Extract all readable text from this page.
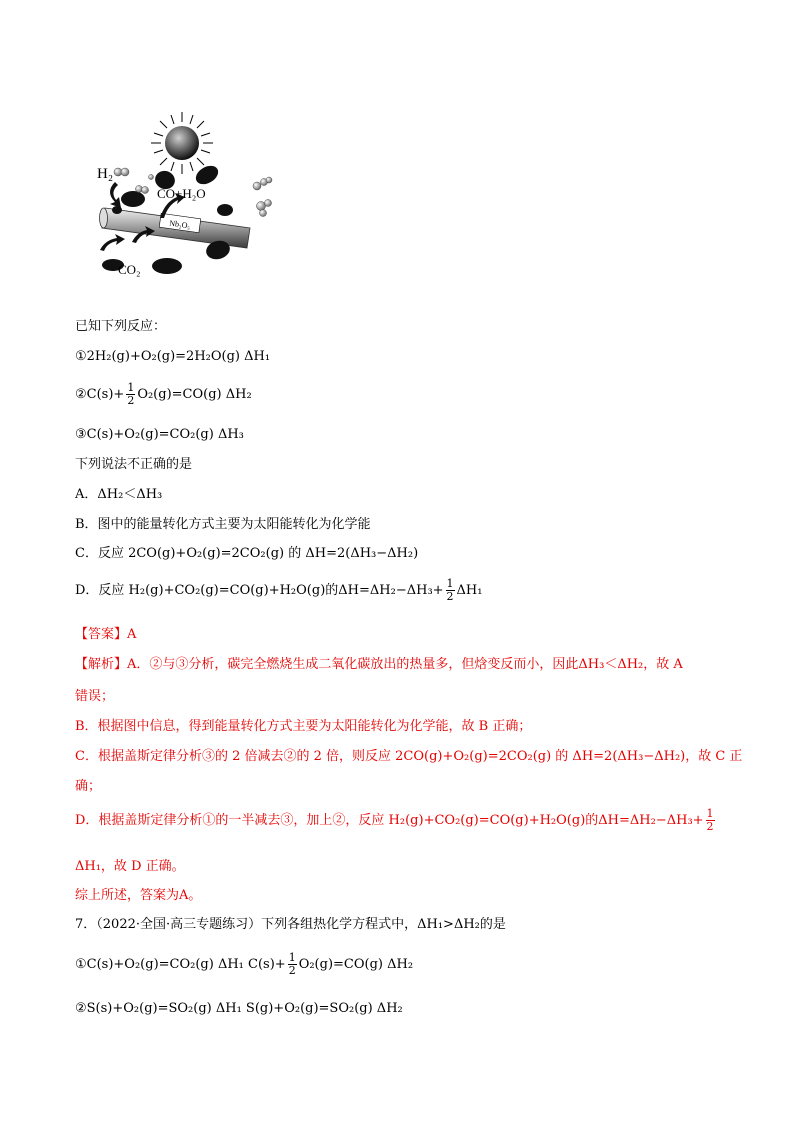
Nb₂O₅
H₂
CO+H₂O
CO₂
已知下列反应：
①2H₂(g)+O₂(g)=2H₂O(g) ΔH₁
②C(s)+ $\frac{1}{2} O_2(g)=CO(g)$ ΔH₂
③C(s)+O₂(g)=CO₂(g) ΔH₃
下列说法不正确的是
A．ΔH₂＜ΔH₃
B．图中的能量转化方式主要为太阳能转化为化学能
C．反应 2CO(g)+O₂(g)=2CO₂(g) 的 ΔH=2(ΔH₃−ΔH₂)
D．反应 H₂(g)+CO₂(g)=CO(g)+H₂O(g)的$\Delta H=\Delta H_2-\Delta H_3+ \frac{1}{2} \Delta H_1$
【答案】A
【解析】A．②与③分析，碳完全燃烧生成二氧化碳放出的热量多，但焓变反而小，因此ΔH₃＜ΔH₂，故 A
错误；
B．根据图中信息，得到能量转化方式主要为太阳能转化为化学能，故 B 正确；
C．根据盖斯定律分析③的 2 倍减去②的 2 倍，则反应 2CO(g)+O₂(g)=2CO₂(g) 的 ΔH=2(ΔH₃−ΔH₂)，故 C 正
确；
D．根据盖斯定律分析①的一半减去③，加上②，反应 H₂(g)+CO₂(g)=CO(g)+H₂O(g)的$\Delta H=\Delta H_2-\Delta H_3+ \frac{1}{2}$
ΔH₁，故 D 正确。
综上所述，答案为A。
7．（2022·全国·高三专题练习）下列各组热化学方程式中，ΔH₁>ΔH₂的是
①C(s)+O₂(g)=CO₂(g) ΔH₁ $C(s)+ \frac{1}{2} O_2(g)=CO(g)$ ΔH₂
②S(s)+O₂(g)=SO₂(g) ΔH₁ S(g)+O₂(g)=SO₂(g) ΔH₂
